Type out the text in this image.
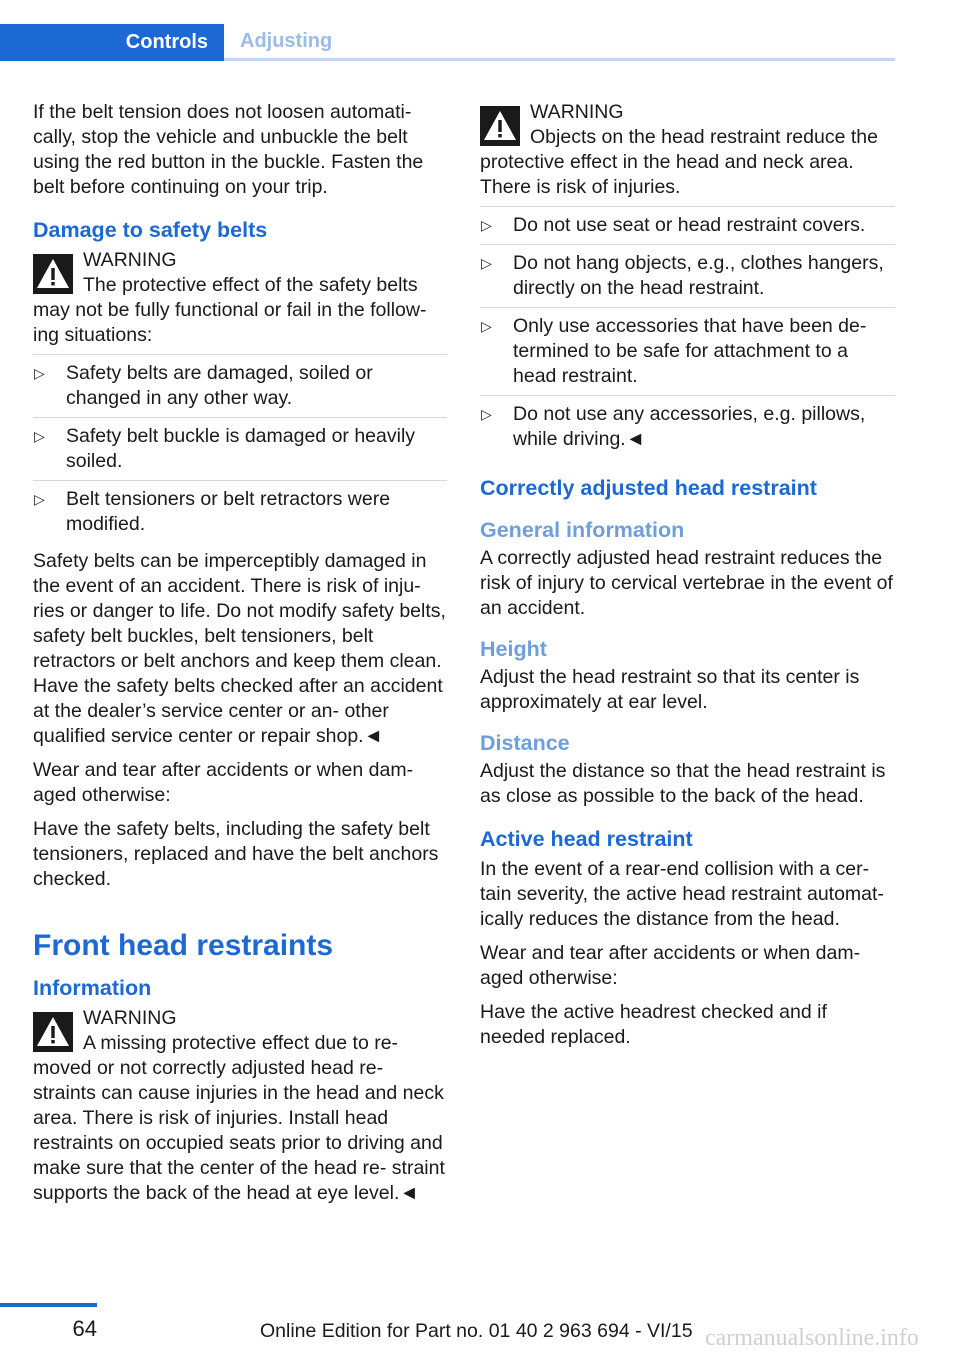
Controls	Adjusting

If the belt tension does not loosen automati‐ cally, stop the vehicle and unbuckle the belt using the red button in the buckle. Fasten the belt before continuing on your trip.

Damage to safety belts
WARNING
The protective effect of the safety belts may not be fully functional or fail in the follow‐ ing situations:
▷ Safety belts are damaged, soiled or changed in any other way.
▷ Safety belt buckle is damaged or heavily soiled.
▷ Belt tensioners or belt retractors were modified.

Safety belts can be imperceptibly damaged in the event of an accident. There is risk of inju‐ ries or danger to life. Do not modify safety belts, safety belt buckles, belt tensioners, belt retractors or belt anchors and keep them clean. Have the safety belts checked after an accident at the dealer’s service center or an‐ other qualified service center or repair shop.◄

Wear and tear after accidents or when dam‐ aged otherwise:

Have the safety belts, including the safety belt tensioners, replaced and have the belt anchors checked.

Front head restraints
Information
WARNING
A missing protective effect due to re‐ moved or not correctly adjusted head re‐ straints can cause injuries in the head and neck area. There is risk of injuries. Install head restraints on occupied seats prior to driving and make sure that the center of the head re‐ straint supports the back of the head at eye level.◄
WARNING
Objects on the head restraint reduce the protective effect in the head and neck area. There is risk of injuries.
▷ Do not use seat or head restraint covers.
▷ Do not hang objects, e.g., clothes hangers, directly on the head restraint.
▷ Only use accessories that have been de‐ termined to be safe for attachment to a head restraint.
▷ Do not use any accessories, e.g. pillows, while driving.◄
Correctly adjusted head restraint
General information

A correctly adjusted head restraint reduces the risk of injury to cervical vertebrae in the event of an accident.

Height

Adjust the head restraint so that its center is approximately at ear level.

Distance

Adjust the distance so that the head restraint is as close as possible to the back of the head.

Active head restraint

In the event of a rear-end collision with a cer‐ tain severity, the active head restraint automat‐ ically reduces the distance from the head.

Wear and tear after accidents or when dam‐ aged otherwise:

Have the active headrest checked and if needed replaced.

64	Online Edition for Part no. 01 40 2 963 694 - VI/15 carmanualsonline.info
